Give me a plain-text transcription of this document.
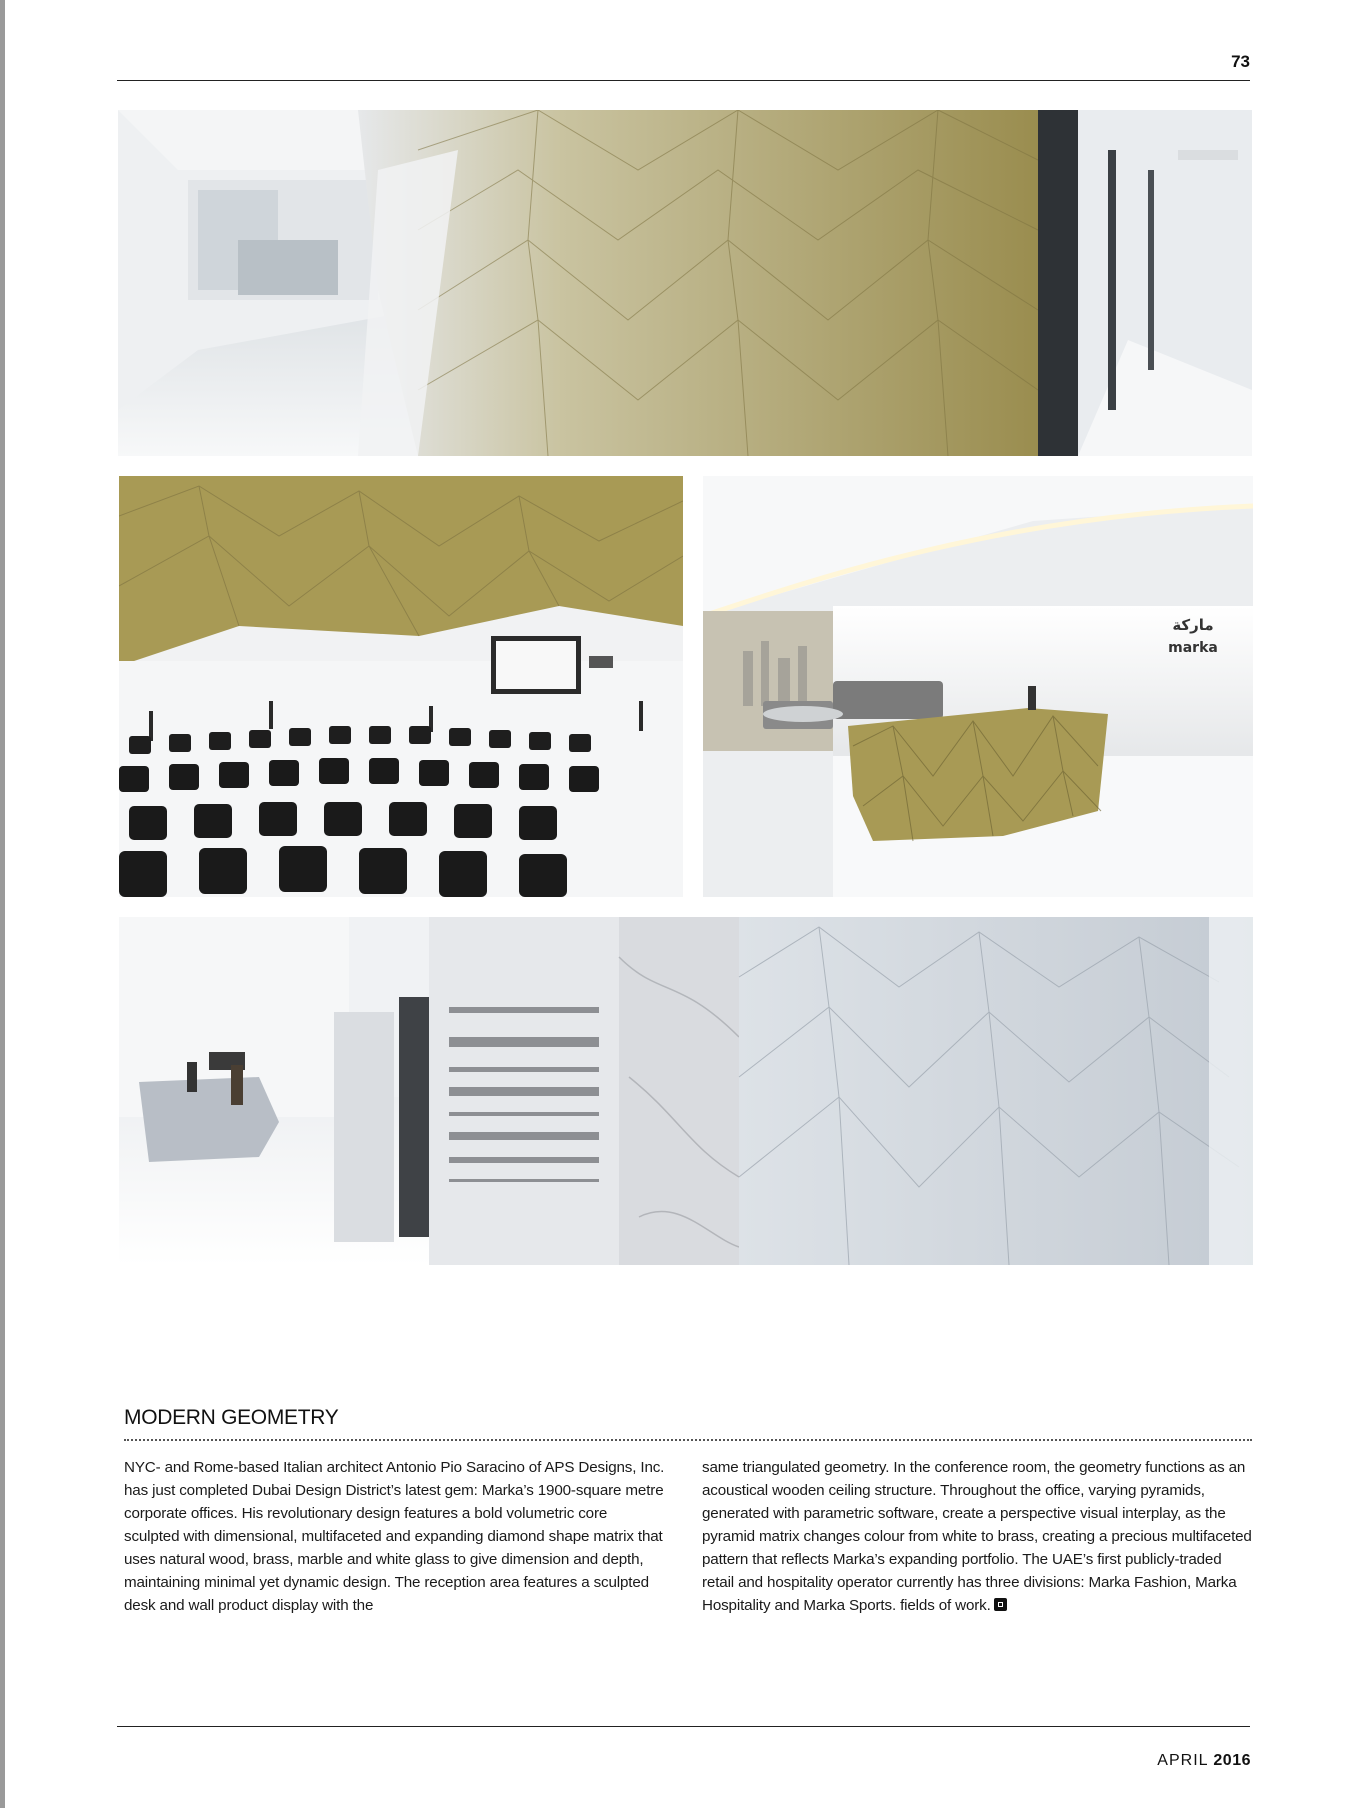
73
ماركة
marka
MODERN GEOMETRY
NYC- and Rome-based Italian architect Antonio Pio Saracino of APS Designs, Inc. has just completed Dubai Design District’s latest gem: Marka’s 1900-square metre corporate offices. His revolutionary design features a bold volumetric core sculpted with dimensional, multifaceted and expanding diamond shape matrix that uses natural wood, brass, marble and white glass to give dimension and depth, maintaining minimal yet dynamic design. The reception area features a sculpted desk and wall product display with the
same triangulated geometry. In the conference room, the geometry functions as an acoustical wooden ceiling structure. Throughout the office, varying pyramids, generated with parametric software, create a perspective visual interplay, as the pyramid matrix changes colour from white to brass, creating a precious multifaceted pattern that reflects Marka’s expanding portfolio. The UAE’s first publicly-traded retail and hospitality operator currently has three divisions: Marka Fashion, Marka Hospitality and Marka Sports. fields of work.
APRIL 2016
